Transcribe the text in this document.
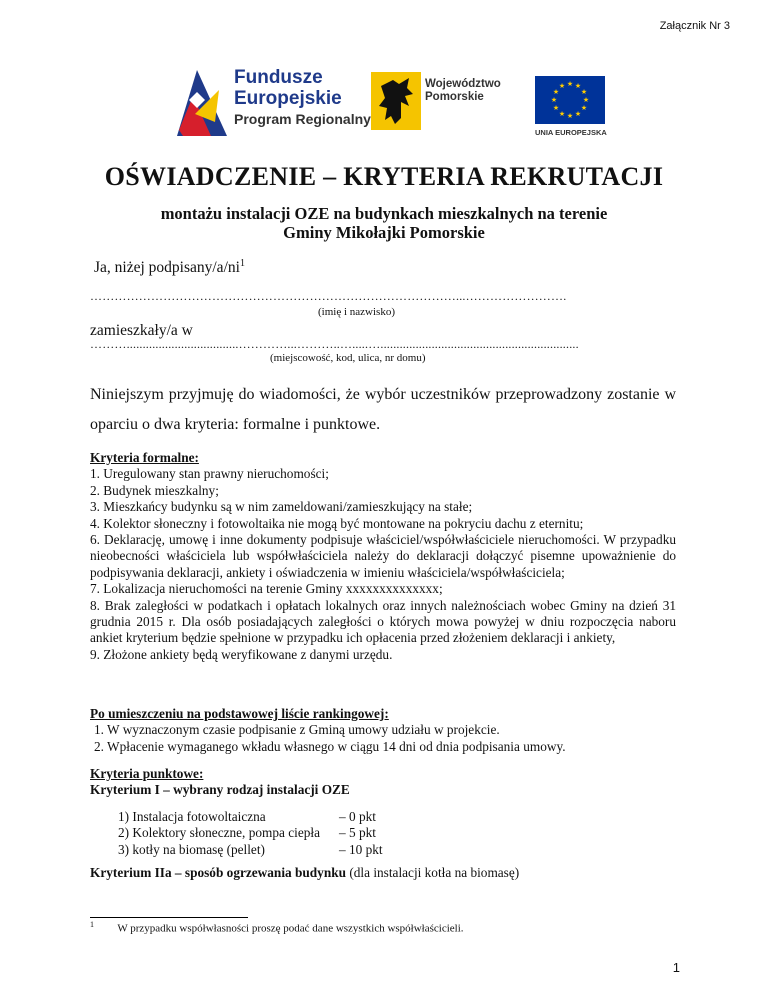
Załącznik Nr 3
Fundusze
Europejskie
Program Regionalny
Województwo
Pomorskie
★ ★
★
★
★
★
★
★
★
★
★
★
UNIA EUROPEJSKA
OŚWIADCZENIE – KRYTERIA REKRUTACJI
montażu instalacji OZE na budynkach mieszkalnych na terenie
Gminy Mikołajki Pomorskie
Ja, niżej podpisany/$a/ni^1$
………………………………………………………………………………...…………………….
(imię i nazwisko)
zamieszkały/a w
………...................................…………...………..….....…..............................................................
(miejscowość, kod, ulica, nr domu)
Niniejszym przyjmuję do wiadomości, że wybór uczestników przeprowadzony zostanie w oparciu o dwa kryteria: formalne i punktowe.

Kryteria formalne:

1. Uregulowany stan prawny nieruchomości;

2. Budynek mieszkalny;

3. Mieszkańcy budynku są w nim zameldowani/zamieszkujący na stałe;

4. Kolektor słoneczny i fotowoltaika nie mogą być montowane na pokryciu dachu z eternitu;

6. Deklarację, umowę i inne dokumenty podpisuje właściciel/współwłaściciele nieruchomości. W przypadku nieobecności właściciela lub współwłaściciela należy do deklaracji dołączyć pisemne upoważnienie do podpisywania deklaracji, ankiety i oświadczenia w imieniu właściciela/współwłaściciela;

7. Lokalizacja nieruchomości na terenie Gminy xxxxxxxxxxxxxx;

8. Brak zaległości w podatkach i opłatach lokalnych oraz innych należnościach wobec Gminy na dzień 31 grudnia 2015 r. Dla osób posiadających zaległości o których mowa powyżej w dniu rozpoczęcia naboru ankiet kryterium będzie spełnione w przypadku ich opłacenia przed złożeniem deklaracji i ankiety,

9. Złożone ankiety będą weryfikowane z danymi urzędu.

Po umieszczeniu na podstawowej liście rankingowej:

1. W wyznaczonym czasie podpisanie z Gminą umowy udziału w projekcie.

2. Wpłacenie wymaganego wkładu własnego w ciągu 14 dni od dnia podpisania umowy.

Kryteria punktowe:

Kryterium I – wybrany rodzaj instalacji OZE

1) Instalacja fotowoltaiczna
2) Kolektory słoneczne, pompa ciepła
3) kotły na biomasę (pellet)
– 0 pkt
– 5 pkt
– 10 pkt
Kryterium IIa – sposób ogrzewania budynku (dla instalacji kotła na biomasę)
$^1$ W przypadku współwłasności proszę podać dane wszystkich współwłaścicieli.
1
